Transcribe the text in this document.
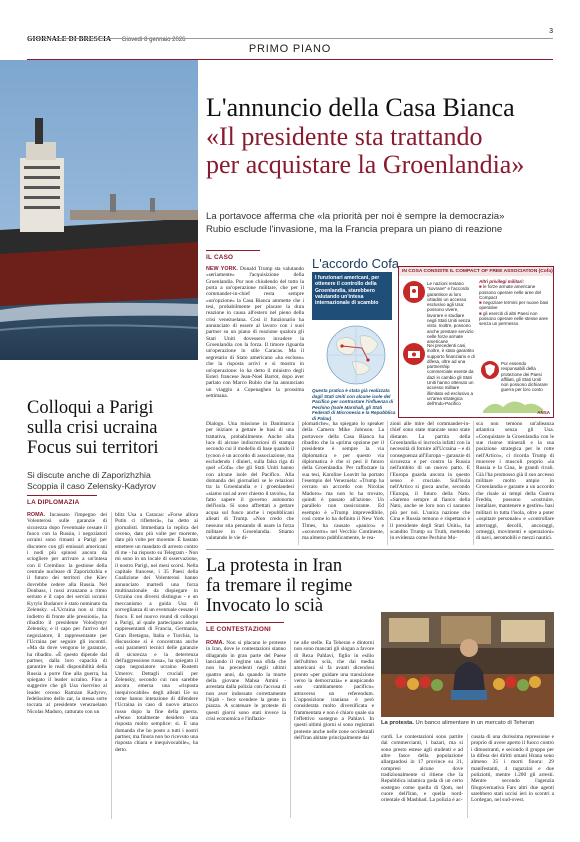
GIORNALE DI BRESCIA Giovedì 8 gennaio 2026
3
PRIMO PIANO
L'annuncio della Casa Bianca
«Il presidente sta trattando
per acquistare la Groenlandia»
La portavoce afferma che «la priorità per noi è sempre la democrazia»
Rubio esclude l'invasione, ma la Francia prepara un piano di reazione
IL CASO

NEW YORK. Donald Trump sta valutando «seriamente» l'acquisizione della Groenlandia. Pur non chiudendo del tutto la porta a un'operazione militare, che per il commander-in-chief resta sempre «un'opzione» la Casa Bianca ammette che i tesi, probabilmente per placare la dura reazione in causa all'estero nel pieno della crisi venezuelana. Così il funzionario ha annunciato di essere al lavoro con i suoi partner su un piano di reazione qualora gli Stati Uniti dovessero invadere la Groenlandia con la forza. Il timore riguarda un'operazione in stile Caracas. Ma il segretario di Stato americano «ha escluso» che la risposta arrivi e si mostra in un'operazione: lo ha detto il ministro degli Esteri francese Jean-Noel Barrot, dopo aver parlato con Marco Rubio che ha annunciato un viaggio a Copenaghen la prossima settimana.

L'accordo Cofa
I funzionari americani, per ottenere il controllo della Groenlandia, starebbero valutando un'intesa internazionale di scambio
Questa pratica è stata già realizzata dagli Stati Uniti con alcune isole del Pacifico per contrastare l'influenza di Pechino (Isole Marshall, gli Stati Federati di Micronesia e la Repubblica di Palau)
IN COSA CONSISTE IL COMPACT OF FREE ASSOCIATION (Cofa)
Le nazioni restano "sovrane" e l'accordo garantisce ai loro cittadini un accesso esclusivo agli Usa: possono vivere, lavorare e studiare negli Stati Uniti senza visto. Inoltre, possono anche prestare servizio nelle forze armate americane
Nei precedenti casi, inoltre, è stato garantito supporto finanziario e di difesa, oltre ad una partnership commerciale esente da dazi in cambio gli Stati Uniti hanno ottenuto un accesso militare illimitato ed esclusivo a un'area strategica dell'Indo-Pacifico
Altri privilegi militari:
■ le forze armate americane possono operare nelle aree del Compact
■ negoziare termini per nuove basi operative
■ gli eserciti di altri Paesi non possono operare nelle stesse aree senza un permesso
Pur essendo responsabili della protezione dei Paesi affiliati, gli Stati Uniti non possono dichiarare guerra per loro conto
ANSA

Dialogo. Una missione in Danimarca per iniziare a gettare le basi di una trattativa, probabilmente. Anche alla luce di alcune indiscrezioni di stampa secondo cui il modello di base quando il tycoon è un accordo di associazione, ma escludendo i dinieri, sulla falsa riga di quel «Cofa» che gli Stati Uniti hanno con alcune isole del Pacifico. Alla domanda dei giornalisti se le relazioni tra la Groenlandia e i groenlandesi «siamo noi ad aver chiesto il tavolo», ha fatto sapere il governo autonomo dell'isola. Si sono affrettati a gettare acqua sul fuoco anche i repubblicani alleati di Trump. «Non credo che nessuno stia pensando di usare la forza militare in Groenlandia. Stiamo valutando le vie di-

plomatiche», ha spiegato lo speaker della Camera Mike Johnson. La portavoce della Casa Bianca ha ribadito che la «prima opzione per il presidente è sempre la via diplomatica e per questo via diplomatica è che si pesi il futuro della Groenlandia. Per rafforzare la sua tesi, Karoline Leavitt ha portato l'esempio del Venezuela: «Trump ha cercato un accordo con Nicolas Maduro» ma non lo ha trovato, quindi è passato all'azione. Un parallelo non rassicurante. Ed esempio è «Trump imprevedibile, così come lo ha definito il New York Times, ha causato «panico» e «sconcerto» nel Vecchio Continente, ma almeno pubblicamente, le rea-

zioni alle mire del commander-in-chief sono state mancate sono state distante. La partita della Groenlandia si incrocia infatti con la necessità di fornire all'Ucraina – e di conseguenza all'Europa – garanzie di sicurezza e per contro la Russia nell'ambito di un nuovo patto. E l'Europa guarda ancora in questo senso è cruciale. Sull'isola nell'Artico si gioca anche, secondo l'Europa, il futuro della Nato. «Saremo sempre al fianco della Nato, anche se loro non ci saranno più per noi. L'unica nazione che Cina e Russia temono e rispettano è il presidente degli Stati Uniti», ha scandito Trump su Truth, mettendo in evidenza come Pechino Mo-

sca non temono un'alleanza atlantica senza gli Usa. «Conquistare la Groenlandia con le sue risorse minerali e la sua posizione strategica per le rotte nell'Artico», ci ricorda Trump di muovere i muscoli proprio «la Russia e la Cina, le grandi rivali. Già l'ha promosso già il suo accesso militare molto ampio in Groenlandia e garante a un accordo che risale ai tempi della Guerra Fredda, possono «costruire, installare, mantenere e gestire» basi militari in tutta l'isola, oltre a poter «ospitare personale» e «controllare atterraggi, decolli, ancoraggi, ormeggi, movimenti e operazioni» di navi, aeromobili e mezzi nautici.

Colloqui a Parigi
sulla crisi ucraina
Focus sui territori
Si discute anche di Zaporizhzhia
Scoppia il caso Zelensky-Kadyrov
LA DIPLOMAZIA

ROMA. Incassato l'impegno dei Volenterosi sulle garanzie di sicurezza dopo l'eventuale cessate il fuoco con la Russia, i negoziatori ucraini sono rimasti a Parigi per discutere con gli emissari americani i nodi più spinosi ancora da sciogliere per arrivare a un'intesa con il Cremlino: la gestione della centrale nucleare di Zaporizhzhia e il futuro dei territori che Kiev dovrebbe cedere alla Russia. Nel Donbass, i russi avanzano a ritmo serrato e il capo dei servizi ucraini Kyrylo Budanov è stato nominato da Zelensky. «L'Ucraina non si ritira indietro di fronte alle pressioni», ha ribadito il presidente Volodymyr Zelensky, e il capo per l'arrivo del negoziatore, il rappresentante per l'Ucraina per seguire gli incontri. «Ma da dove vengono le garanzie, ha ribadito. «È questo dipende dal partner, dalla loro capacità di garantire le reali disponibilità della Russia a porre fine alla guerra, ha spiegato il leader ucraino. Fino a suggerire che gli Usa riservino al leader ceceno Ramzan Kadyrov, fedelissimo dello zar, la stessa sorte toccata al presidente venezuelano Nicolas Maduro, catturato con un

blitz Usa a Caracas: «Forse allora Putin ci rifletterà», ha detto ai giornalisti. Immediata la replica del ceceno, dato più volte per morente, dato più volte per morente. È bastato emettere un mandato di arresto contro di me - ha risposto su Telegram - Non mi sono in un locale di osservazione, il nostro Parigi, nei mesi scorsi. Nella capitale francese, i 35 Paesi della Coalizione dei Volenterosi hanno annunciato martedì una forza multinazionale da dispiegare in Ucraina con diversi distinguo - e un meccanismo a guida Usa di sorveglianza di un eventuale cessate il fuoco. E nel nuovo round di colloqui a Parigi, al quale partecipano anche rappresentanti di Francia, Germania, Gran Bretagna, Italia e Turchia, la discussione si è concentrata anche «sui parametri tecnici delle garanzie di sicurezza e la deterrenza dell'aggressione russa», ha spiegato il capo negoziatore ucraino Rustem Umerov. Dettagli cruciali per Zelensky, secondo cui non sarebbe ancora emersa una «risposta inequivocabile» degli alleati Ue su come hanno intenzione di difendere l'Ucraina in caso di nuovo attacco russo dopo la fine della guerra. «Penso totalmente desidero una risposta molto semplice: sì. E una domanda che ho posto a tutti i nostri partner, ma finora non ho ricevuto una risposta chiara e inequivocabile», ha detto.

La protesta in Iran
fa tremare il regime
Invocato lo scià
LE CONTESTAZIONI

ROMA. Non si placano le proteste in Iran, dove le contestazioni stanno dilagando in gran parte del Paese lanciando il regime una sfida che non ha precedenti negli ultimi quattro anni, da quando la morte della giovane Mahsa Amini - arrestata dalla polizia con l'accusa di non aver indossato correttamente l'hijab - fece scendere la gente in piazza. A scatenare le proteste di questi giorni sono stati invece la crisi economica e l'inflazio-

ne alle stelle. Ea Teheran e dintorni non sono mancati gli slogan a favore di Reza Pahlavi, figlio in esilio dell'ultimo scià, che dai media americani si fa avanti dicendosi pronto «per guidare una transizione verso la democrazia» e auspicando «un cambiamento pacifico» attraverso un referendum. L'opposizione iraniana è però considerata molto diversificata e frammentata e non è chiaro quale sia l'effettivo sostegno a Pahlavi. In questi ultimi giorni si sono registrati proteste anche nelle zone occidentali dell'Iran abitate principalmente dai

La protesta. Un banco alimentare in un mercato di Teheran

curdi. Le contestazioni sono partite dai commercianti, i bazari, ma si sono presto estese agli studenti e ad altre fasce della popolazione allargandosi in 17 province su 31, compresi alcune dove tradizionalmente si ritiene che la Repubblica islamica goda di un certo sostegno come quella di Qom, nel cuore dell'Iran, e quella nord-orientale di Mashhad. La polizia è ac-

cusata di una durissima repressione e proprio di avere aperto il fuoco contro i dimostranti, e secondo il gruppo per la difesa dei diritti umani Hrana sono almeno 35 i morti finora: 29 manifestanti, 4 ragazzini e due poliziotti, mentre 1.200 gli arresti. Mentre secondo l'agenzia filogovernativa Fars altri due agenti sarebbero stati uccisi ieri in scontri a Lordegan, nel sud-ovest.
